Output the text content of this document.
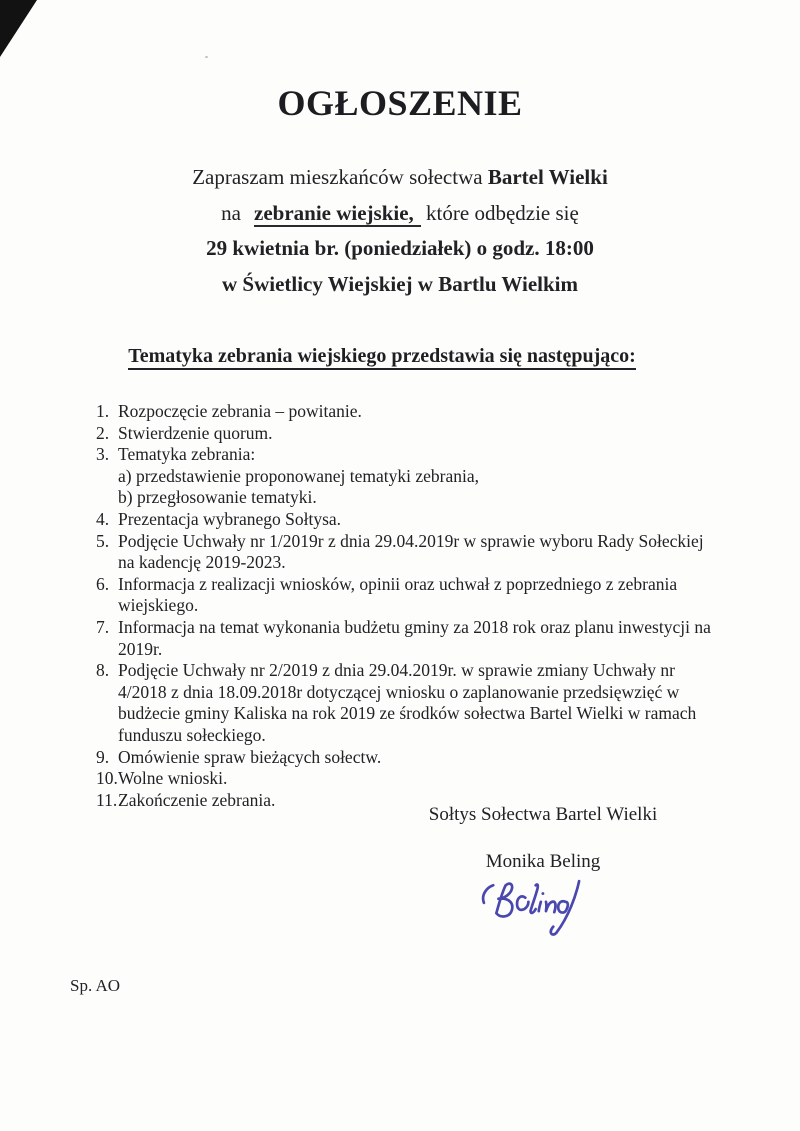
OGŁOSZENIE
Zapraszam mieszkańców sołectwa Bartel Wielki
na zebranie wiejskie, które odbędzie się
29 kwietnia br. (poniedziałek) o godz. 18:00
w Świetlicy Wiejskiej w Bartlu Wielkim
Tematyka zebrania wiejskiego przedstawia się następująco:
1. Rozpoczęcie zebrania – powitanie.
2. Stwierdzenie quorum.
3. Tematyka zebrania:
a) przedstawienie proponowanej tematyki zebrania,
b) przegłosowanie tematyki.
4. Prezentacja wybranego Sołtysa.
5. Podjęcie Uchwały nr 1/2019r z dnia 29.04.2019r w sprawie wyboru Rady Sołeckiej na kadencję 2019-2023.
6. Informacja z realizacji wniosków, opinii oraz uchwał z poprzedniego z zebrania wiejskiego.
7. Informacja na temat wykonania budżetu gminy za 2018 rok oraz planu inwestycji na 2019r.
8. Podjęcie Uchwały nr 2/2019 z dnia 29.04.2019r. w sprawie zmiany Uchwały nr 4/2018 z dnia 18.09.2018r dotyczącej wniosku o zaplanowanie przedsięwzięć w budżecie gminy Kaliska na rok 2019 ze środków sołectwa Bartel Wielki w ramach funduszu sołeckiego.
9. Omówienie spraw bieżących sołectw.
10.Wolne wnioski.
11.Zakończenie zebrania.
Sołtys Sołectwa Bartel Wielki
Monika Beling
Sp. AO
